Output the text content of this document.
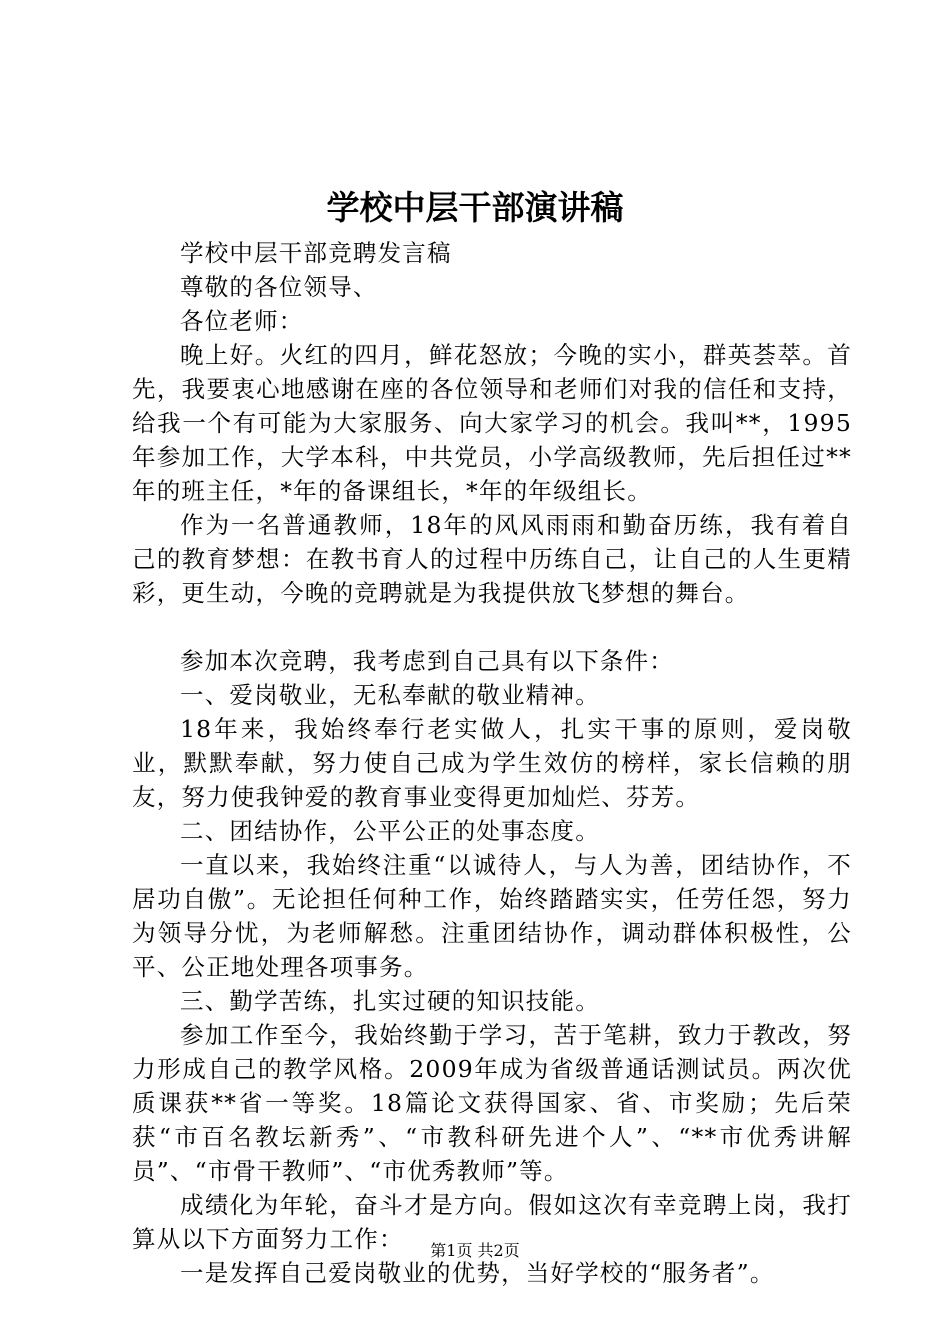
学校中层干部演讲稿

学校中层干部竞聘发言稿

尊敬的各位领导、

各位老师：

晚上好。火红的四月，鲜花怒放；今晚的实小，群英荟萃。首先，我要衷心地感谢在座的各位领导和老师们对我的信任和支持，给我一个有可能为大家服务、向大家学习的机会。我叫**，1995年参加工作，大学本科，中共党员，小学高级教师，先后担任过**年的班主任，*年的备课组长，*年的年级组长。

作为一名普通教师，18年的风风雨雨和勤奋历练，我有着自己的教育梦想：在教书育人的过程中历练自己，让自己的人生更精彩，更生动，今晚的竞聘就是为我提供放飞梦想的舞台。

参加本次竞聘，我考虑到自己具有以下条件：

一、爱岗敬业，无私奉献的敬业精神。

18年来，我始终奉行老实做人，扎实干事的原则，爱岗敬业，默默奉献，努力使自己成为学生效仿的榜样，家长信赖的朋友，努力使我钟爱的教育事业变得更加灿烂、芬芳。

二、团结协作，公平公正的处事态度。

一直以来，我始终注重“以诚待人，与人为善，团结协作，不居功自傲”。无论担任何种工作，始终踏踏实实，任劳任怨，努力为领导分忧，为老师解愁。注重团结协作，调动群体积极性，公平、公正地处理各项事务。

三、勤学苦练，扎实过硬的知识技能。

参加工作至今，我始终勤于学习，苦于笔耕，致力于教改，努力形成自己的教学风格。2009年成为省级普通话测试员。两次优质课获**省一等奖。18篇论文获得国家、省、市奖励；先后荣获“市百名教坛新秀”、“市教科研先进个人”、“**市优秀讲解员”、“市骨干教师”、“市优秀教师”等。

成绩化为年轮，奋斗才是方向。假如这次有幸竞聘上岗，我打算从以下方面努力工作：

一是发挥自己爱岗敬业的优势，当好学校的“服务者”。

第1页 共2页
